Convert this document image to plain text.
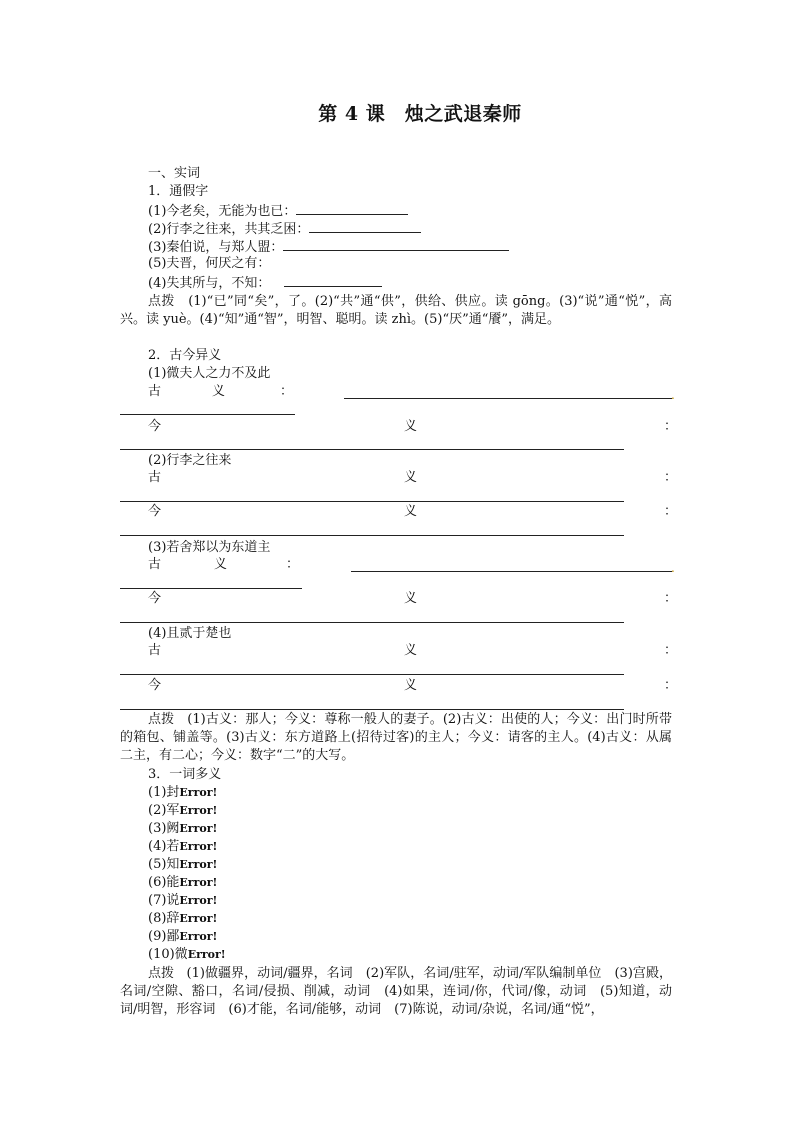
第 4 课　烛之武退秦师
一、实词
1．通假字
(1)今老矣，无能为也已：
(2)行李之往来，共其乏困：
(3)秦伯说，与郑人盟：
(5)夫晋，何厌之有：
(4)失其所与，不知：
点拨 (1)“已”同“矣”，了。(2)“共”通“供”，供给、供应。读 gōng。(3)“说”通“悦”，高兴。读 yuè。(4)“知”通“智”，明智、聪明。读 zhì。(5)“厌”通“餍”，满足。
2．古今异义
(1)微夫人之力不及此
古	义	：	.
今	义	：
(2)行李之往来
古	义	：
今	义	：
(3)若舍郑以为东道主
古	义	：	.
今	义	：
(4)且贰于楚也
古	义	：
今	义	：
点拨 (1)古义：那人；今义：尊称一般人的妻子。(2)古义：出使的人；今义：出门时所带的箱包、铺盖等。(3)古义：东方道路上(招待过客)的主人；今义：请客的主人。(4)古义：从属二主，有二心；今义：数字“二”的大写。
3．一词多义
(1)封Error!
(2)军Error!
(3)阙Error!
(4)若Error!
(5)知Error!
(6)能Error!
(7)说Error!
(8)辞Error!
(9)鄙Error!
(10)微Error!
点拨 (1)做疆界，动词/疆界，名词　(2)军队，名词/驻军，动词/军队编制单位　(3)宫殿，名词/空隙、豁口，名词/侵损、削减，动词　(4)如果，连词/你，代词/像，动词　(5)知道，动词/明智，形容词　(6)才能，名词/能够，动词　(7)陈说，动词/杂说，名词/通“悦”，
